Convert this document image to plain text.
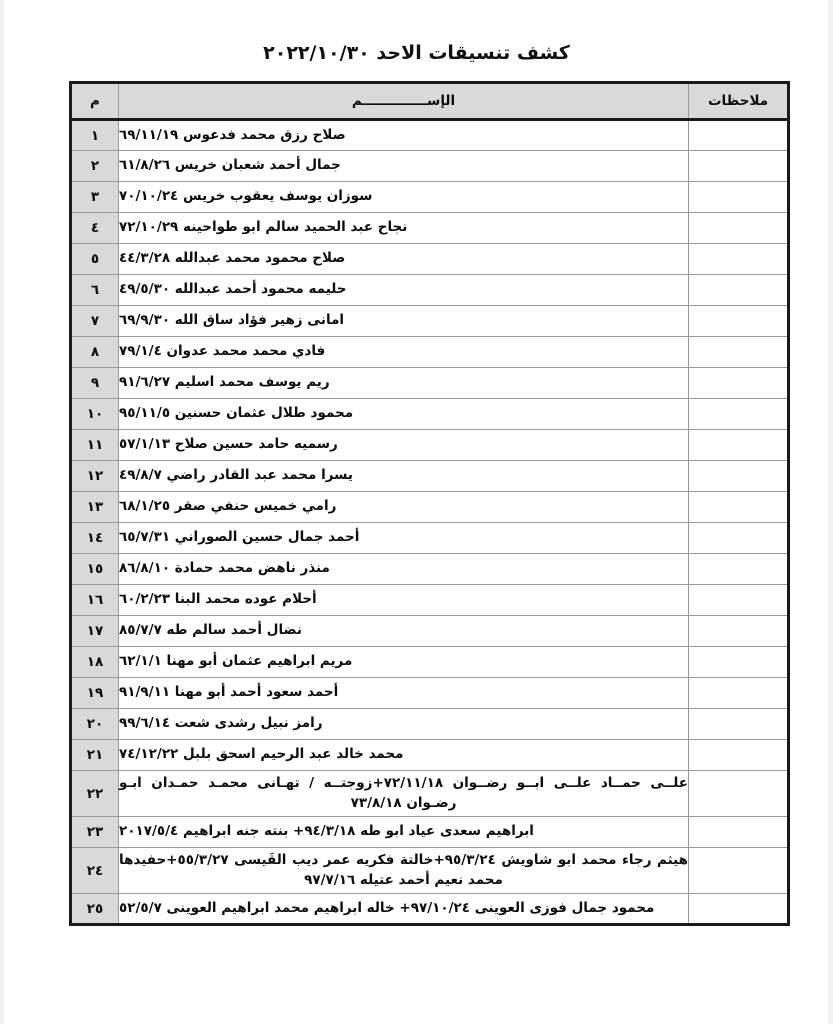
كشف تنسيقات الاحد ٢٠٢٢/١٠/٣٠
ملاحظات	الإســــــــــــــم	م
	صلاح رزق محمد فدعوس ٦٩/١١/١٩	١
	جمال أحمد شعبان خريس ٦١/٨/٢٦	٢
	سوزان يوسف يعقوب خريس ٧٠/١٠/٢٤	٣
	نجاح عبد الحميد سالم ابو طواحينه ٧٢/١٠/٢٩	٤
	صلاح محمود محمد عبدالله ٤٤/٣/٢٨	٥
	حليمه محمود أحمد عبدالله ٤٩/٥/٣٠	٦
	امانى زهير فؤاد ساق الله ٦٩/٩/٣٠	٧
	فادي محمد محمد عدوان ٧٩/١/٤	٨
	ريم يوسف محمد اسليم ٩١/٦/٢٧	٩
	محمود طلال عثمان حسنين ٩٥/١١/٥	١٠
	رسميه حامد حسين صلاح ٥٧/١/١٣	١١
	يسرا محمد عبد القادر راضي ٤٩/٨/٧	١٢
	رامي خميس حنفي صقر ٦٨/١/٢٥	١٣
	أحمد جمال حسين الصوراني ٦٥/٧/٣١	١٤
	منذر ناهض محمد حمادة ٨٦/٨/١٠	١٥
	أحلام عوده محمد البنا ٦٠/٢/٢٣	١٦
	نضال أحمد سالم طه ٨٥/٧/٧	١٧
	مريم ابراهيم عثمان أبو مهنا ٦٢/١/١	١٨
	أحمد سعود أحمد أبو مهنا ٩١/٩/١١	١٩
	رامز نبيل رشدى شعت ٩٩/٦/١٤	٢٠
	محمد خالد عبد الرحيم اسحق بلبل ٧٤/١٢/٢٢	٢١
	علــى حمــاد علــى ابــو رضــوان ٧٢/١١/١٨+زوجتــه / تهـانى محمـد حمـدان ابـو رضـوان ٧٣/٨/١٨	٢٢
	ابراهيم سعدى عياد ابو طه ٩٤/٣/١٨+ بنته جنه ابراهيم ٢٠١٧/٥/٤	٢٣
	هيثم رجاء محمد ابو شاويش ٩٥/٣/٢٤+خالتة فكريه عمر ديب القَيسى ٥٥/٣/٢٧+حفيدها محمد نعيم أحمد عتيله ٩٧/٧/١٦	٢٤
	محمود جمال فوزى العوينى ٩٧/١٠/٢٤+ خاله ابراهيم محمد ابراهيم العوينى ٥٢/٥/٧	٢٥
